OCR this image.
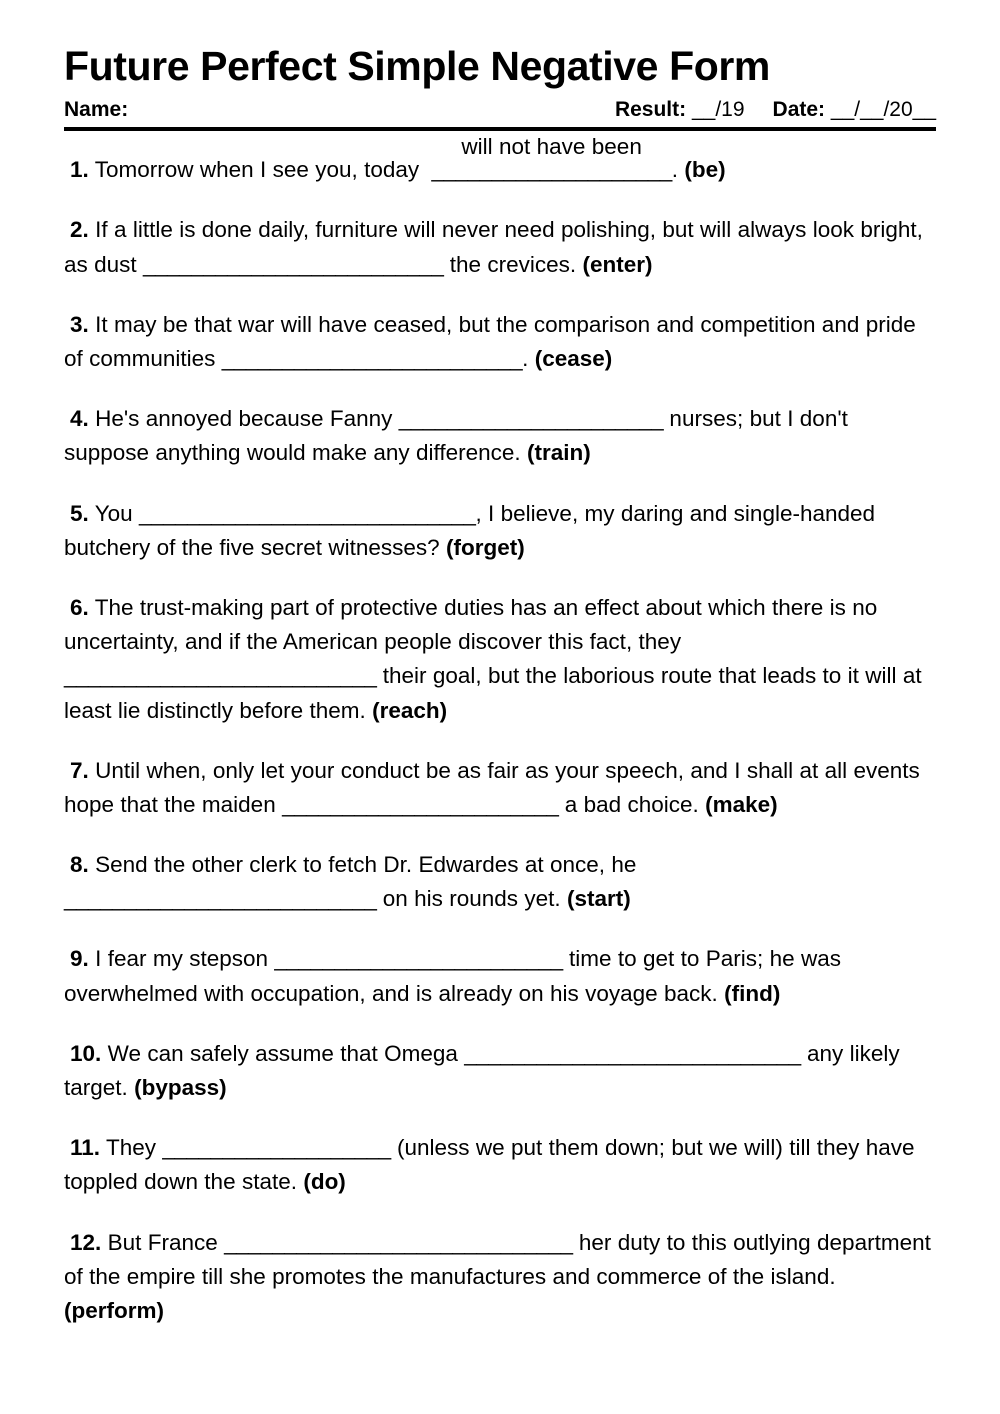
Future Perfect Simple Negative Form
Name:	Result: __/19 Date: __/__/20__

1. Tomorrow when I see you, today ____________________
will not have been
. (be)

2. If a little is done daily, furniture will never need polishing, but will always look bright, as dust _________________________ the crevices. (enter)

3. It may be that war will have ceased, but the comparison and competition and pride of communities _________________________. (cease)

4. He's annoyed because Fanny ______________________ nurses; but I don't suppose anything would make any difference. (train)

5. You ____________________________, I believe, my daring and single-handed butchery of the five secret witnesses? (forget)

6. The trust-making part of protective duties has an effect about which there is no uncertainty, and if the American people discover this fact, they __________________________ their goal, but the laborious route that leads to it will at least lie distinctly before them. (reach)

7. Until when, only let your conduct be as fair as your speech, and I shall at all events hope that the maiden _______________________ a bad choice. (make)

8. Send the other clerk to fetch Dr. Edwardes at once, he __________________________ on his rounds yet. (start)

9. I fear my stepson ________________________ time to get to Paris; he was overwhelmed with occupation, and is already on his voyage back. (find)

10. We can safely assume that Omega ____________________________ any likely target. (bypass)

11. They ___________________ (unless we put them down; but we will) till they have toppled down the state. (do)

12. But France _____________________________ her duty to this outlying department of the empire till she promotes the manufactures and commerce of the island. (perform)
